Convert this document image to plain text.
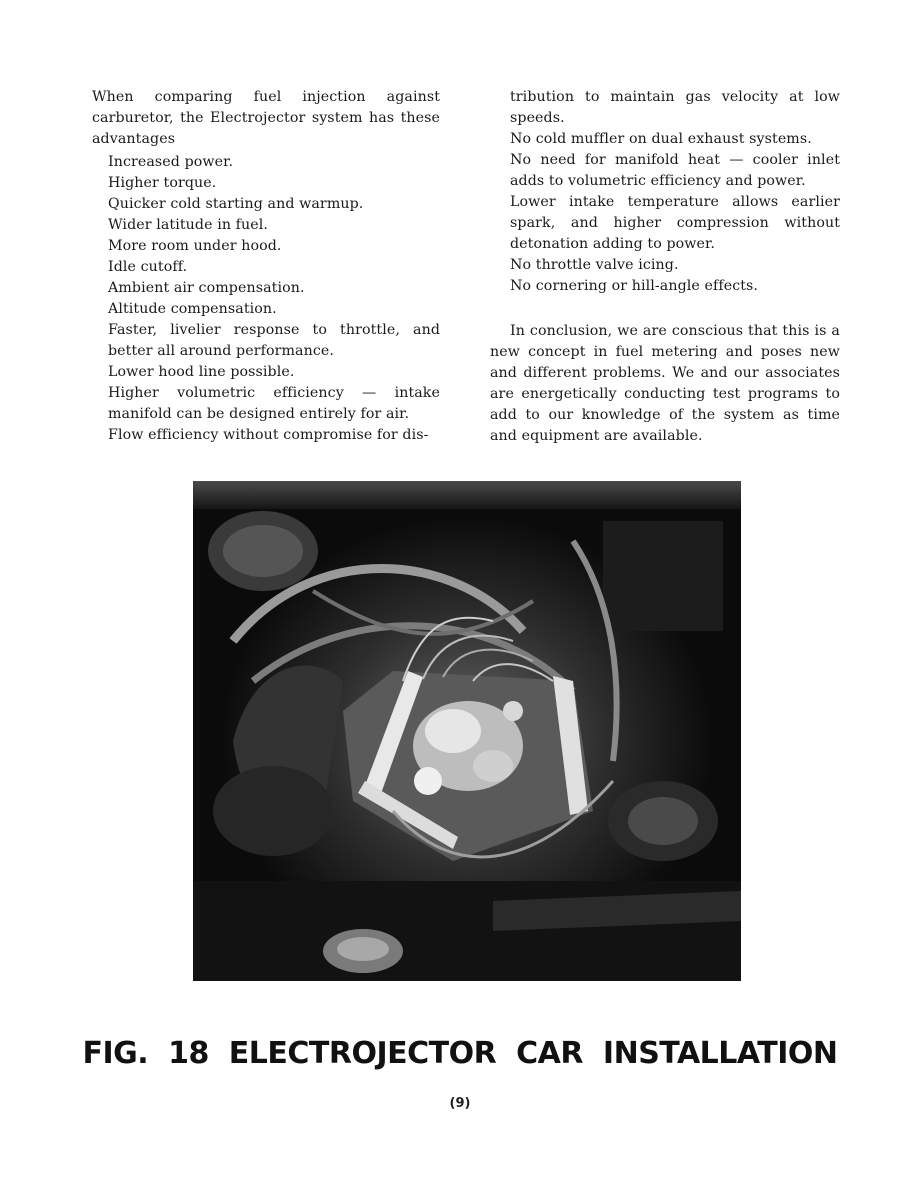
When comparing fuel injection against carburetor, the Electrojector system has these advantages

Increased power.
Higher torque.
Quicker cold starting and warmup.
Wider latitude in fuel.
More room under hood.
Idle cutoff.
Ambient air compensation.
Altitude compensation.
Faster, livelier response to throttle, and better all around performance.
Lower hood line possible.
Higher volumetric efficiency — intake manifold can be designed entirely for air.
Flow efficiency without compromise for dis-
tribution to maintain gas velocity at low speeds.
No cold muffler on dual exhaust systems.
No need for manifold heat — cooler inlet adds to volumetric efficiency and power.
Lower intake temperature allows earlier spark, and higher compression without detonation adding to power.
No throttle valve icing.
No cornering or hill-angle effects.

In conclusion, we are conscious that this is a new concept in fuel metering and poses new and different problems. We and our associates are energetically conducting test programs to add to our knowledge of the system as time and equipment are available.

FIG. 18 ELECTROJECTOR CAR INSTALLATION
(9)
